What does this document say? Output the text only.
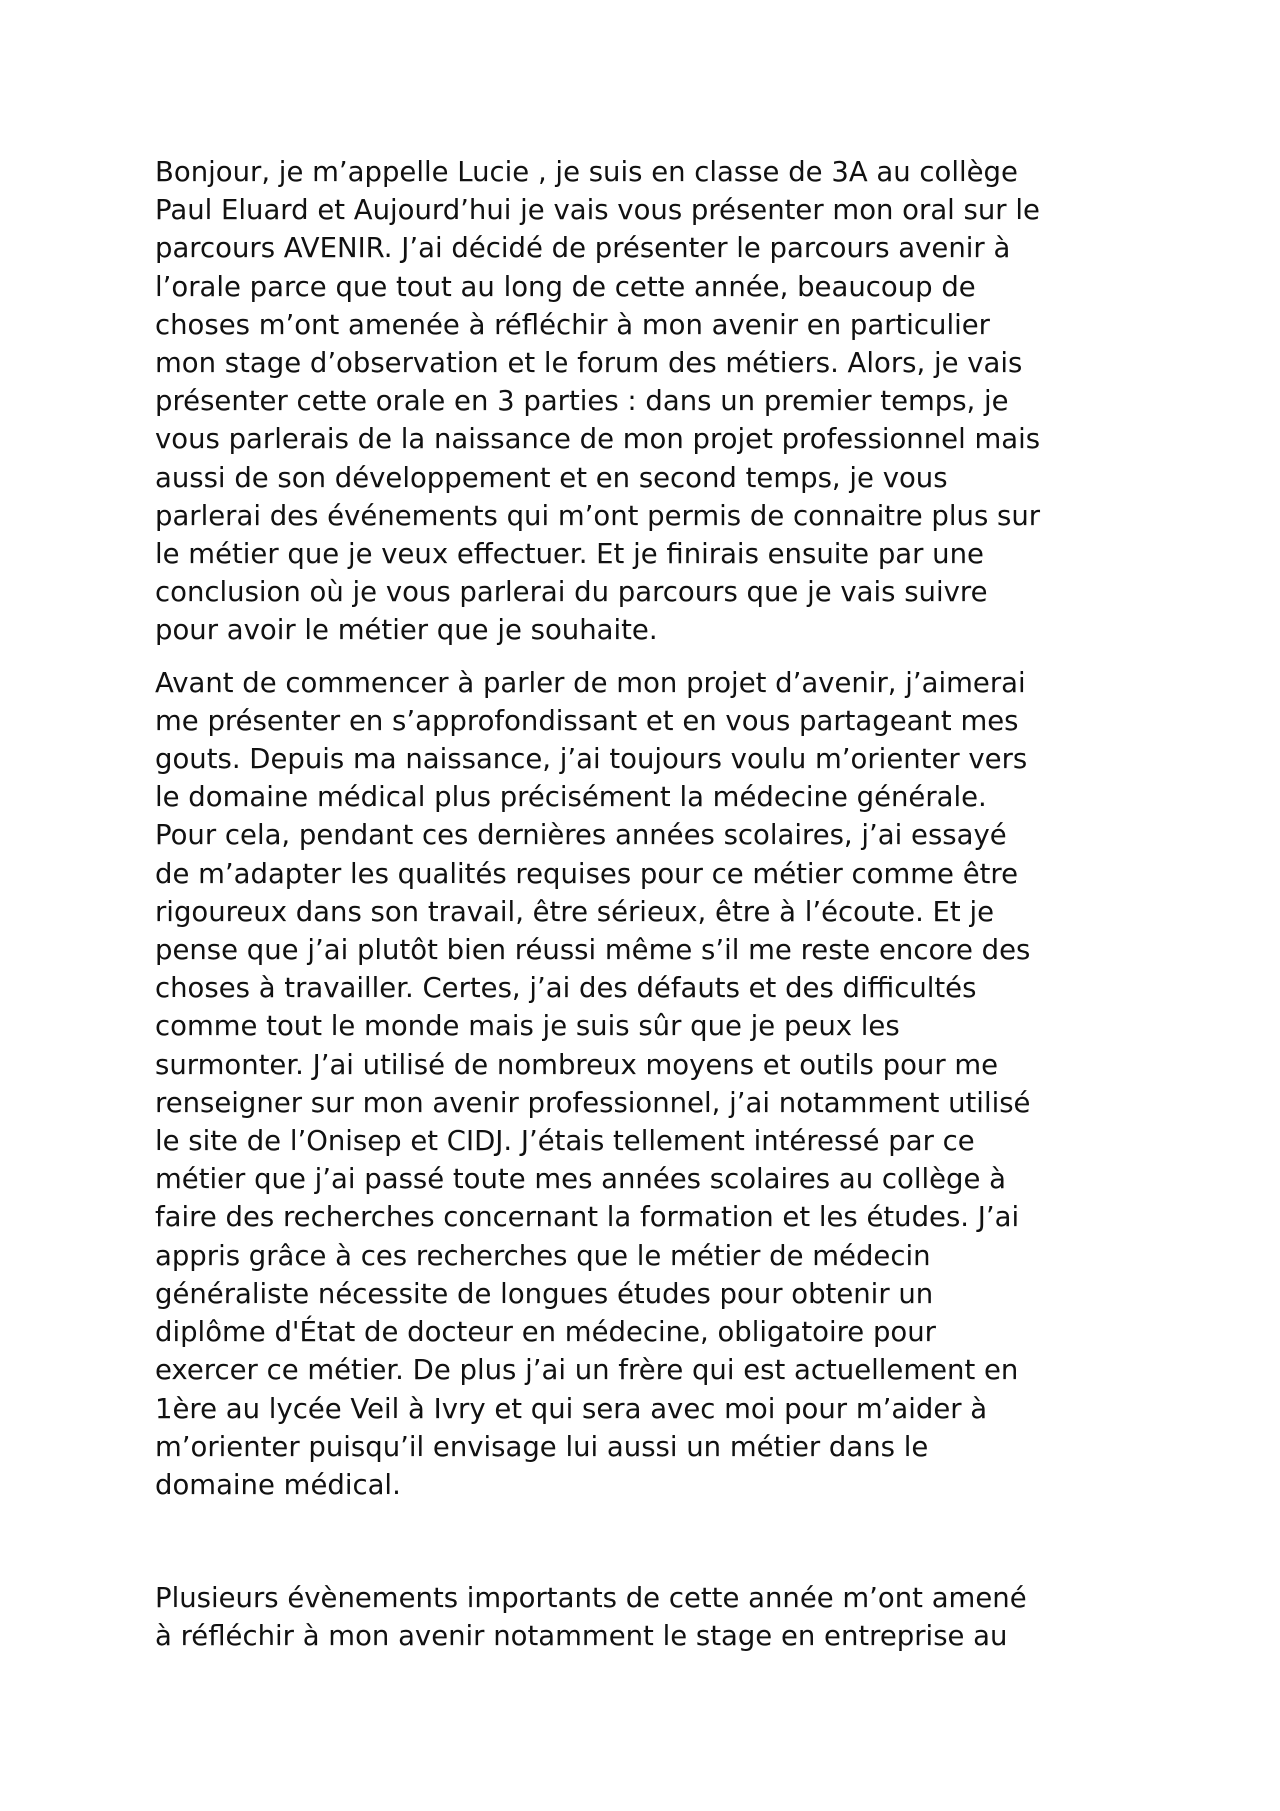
Bonjour, je m’appelle Lucie , je suis en classe de 3A au collège
Paul Eluard et Aujourd’hui je vais vous présenter mon oral sur le
parcours AVENIR. J’ai décidé de présenter le parcours avenir à
l’orale parce que tout au long de cette année, beaucoup de
choses m’ont amenée à réfléchir à mon avenir en particulier
mon stage d’observation et le forum des métiers. Alors, je vais
présenter cette orale en 3 parties : dans un premier temps, je
vous parlerais de la naissance de mon projet professionnel mais
aussi de son développement et en second temps, je vous
parlerai des événements qui m’ont permis de connaitre plus sur
le métier que je veux effectuer. Et je finirais ensuite par une
conclusion où je vous parlerai du parcours que je vais suivre
pour avoir le métier que je souhaite.

Avant de commencer à parler de mon projet d’avenir, j’aimerai
me présenter en s’approfondissant et en vous partageant mes
gouts. Depuis ma naissance, j’ai toujours voulu m’orienter vers
le domaine médical plus précisément la médecine générale.
Pour cela, pendant ces dernières années scolaires, j’ai essayé
de m’adapter les qualités requises pour ce métier comme être
rigoureux dans son travail, être sérieux, être à l’écoute. Et je
pense que j’ai plutôt bien réussi même s’il me reste encore des
choses à travailler. Certes, j’ai des défauts et des difficultés
comme tout le monde mais je suis sûr que je peux les
surmonter. J’ai utilisé de nombreux moyens et outils pour me
renseigner sur mon avenir professionnel, j’ai notamment utilisé
le site de l’Onisep et CIDJ. J’étais tellement intéressé par ce
métier que j’ai passé toute mes années scolaires au collège à
faire des recherches concernant la formation et les études. J’ai
appris grâce à ces recherches que le métier de médecin
généraliste nécessite de longues études pour obtenir un
diplôme d'État de docteur en médecine, obligatoire pour
exercer ce métier. De plus j’ai un frère qui est actuellement en
1ère au lycée Veil à Ivry et qui sera avec moi pour m’aider à
m’orienter puisqu’il envisage lui aussi un métier dans le
domaine médical.

Plusieurs évènements importants de cette année m’ont amené
à réfléchir à mon avenir notamment le stage en entreprise au
